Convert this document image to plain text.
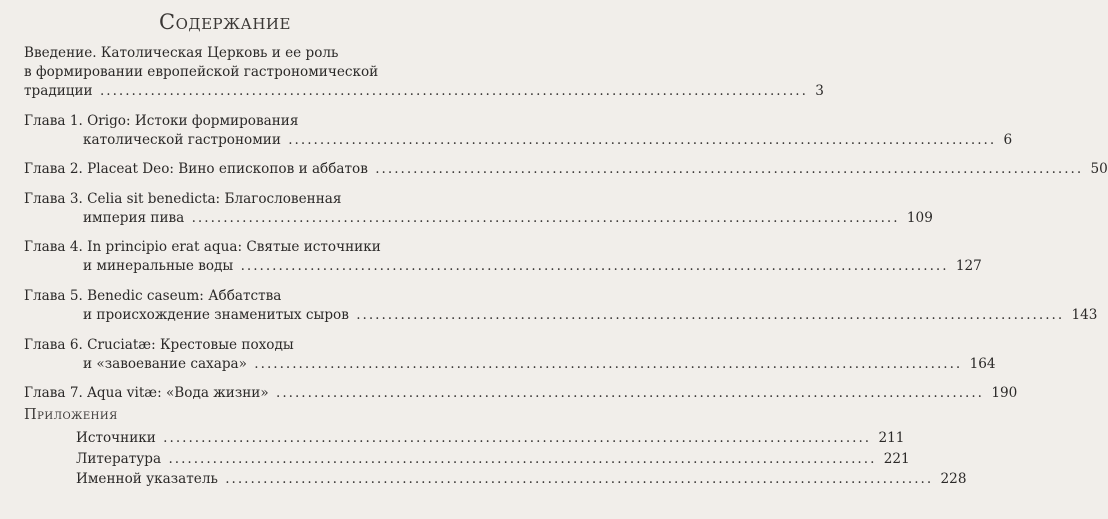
Содержание
Введение. Католическая Церковь и ее роль
в формировании европейской гастрономической
традиции ................................................................................................................ 3
Глава 1. Origo: Истоки формирования
католической гастрономии ................................................................................................................ 6
Глава 2. Placeat Deo: Вино епископов и аббатов ................................................................................................................ 50
Глава 3. Celia sit benedicta: Благословенная
империя пива ................................................................................................................ 109
Глава 4. In principio erat aqua: Святые источники
и минеральные воды ................................................................................................................ 127
Глава 5. Benedic caseum: Аббатства
и происхождение знаменитых сыров ................................................................................................................ 143
Глава 6. Cruciatæ: Крестовые походы
и «завоевание сахара» ................................................................................................................ 164
Глава 7. Aqua vitæ: «Вода жизни» ................................................................................................................ 190
Приложения
Источники ................................................................................................................ 211
Литература ................................................................................................................ 221
Именной указатель ................................................................................................................ 228
